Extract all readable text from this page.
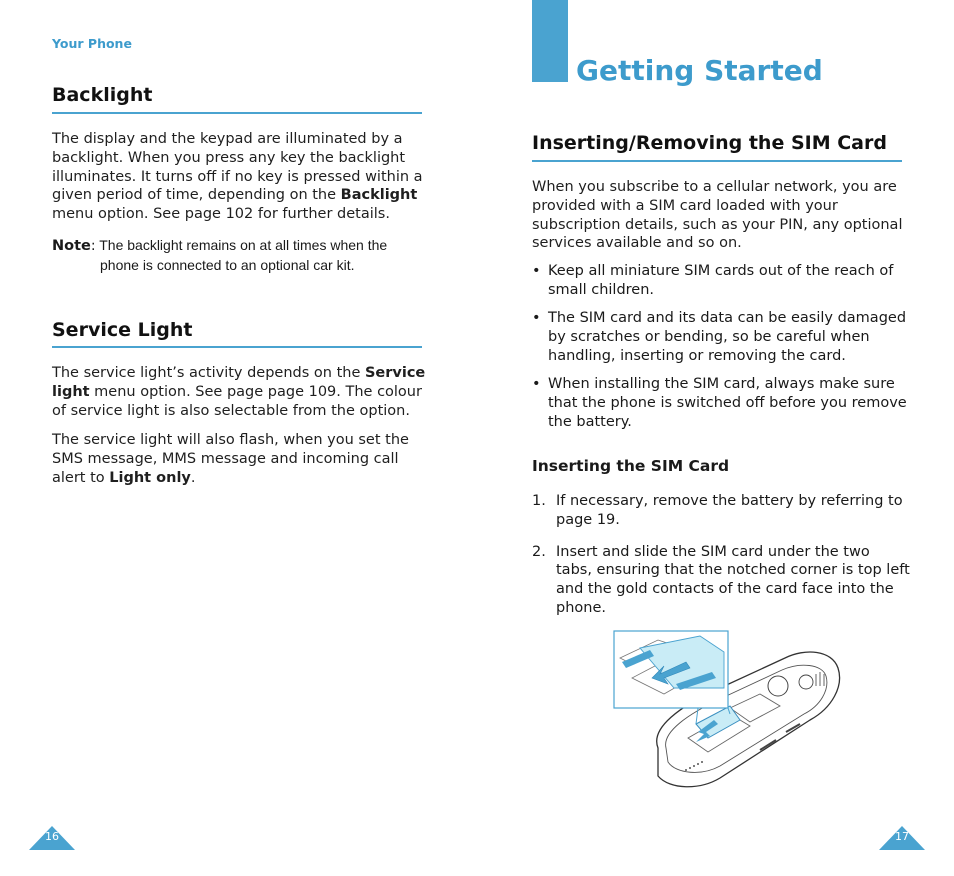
Your Phone
Backlight

The display and the keypad are illuminated by a

backlight. When you press any key the backlight

illuminates. It turns off if no key is pressed within a

given period of time, depending on the Backlight

menu option. See page 102 for further details.

Note: The backlight remains on at all times when the
phone is connected to an optional car kit.
Service Light

The service light’s activity depends on the Service

light menu option. See page page 109. The colour

of service light is also selectable from the option.

The service light will also flash, when you set the

SMS message, MMS message and incoming call

alert to Light only.

16
Getting Started
Inserting/Removing the SIM Card

When you subscribe to a cellular network, you are

provided with a SIM card loaded with your

subscription details, such as your PIN, any optional

services available and so on.

• Keep all miniature SIM cards out of the reach of
small children.
• The SIM card and its data can be easily damaged
by scratches or bending, so be careful when
handling, inserting or removing the card.
• When installing the SIM card, always make sure
that the phone is switched off before you remove
the battery.
Inserting the SIM Card
1. If necessary, remove the battery by referring to
page 19.
2. Insert and slide the SIM card under the two
tabs, ensuring that the notched corner is top left
and the gold contacts of the card face into the
phone.
17
